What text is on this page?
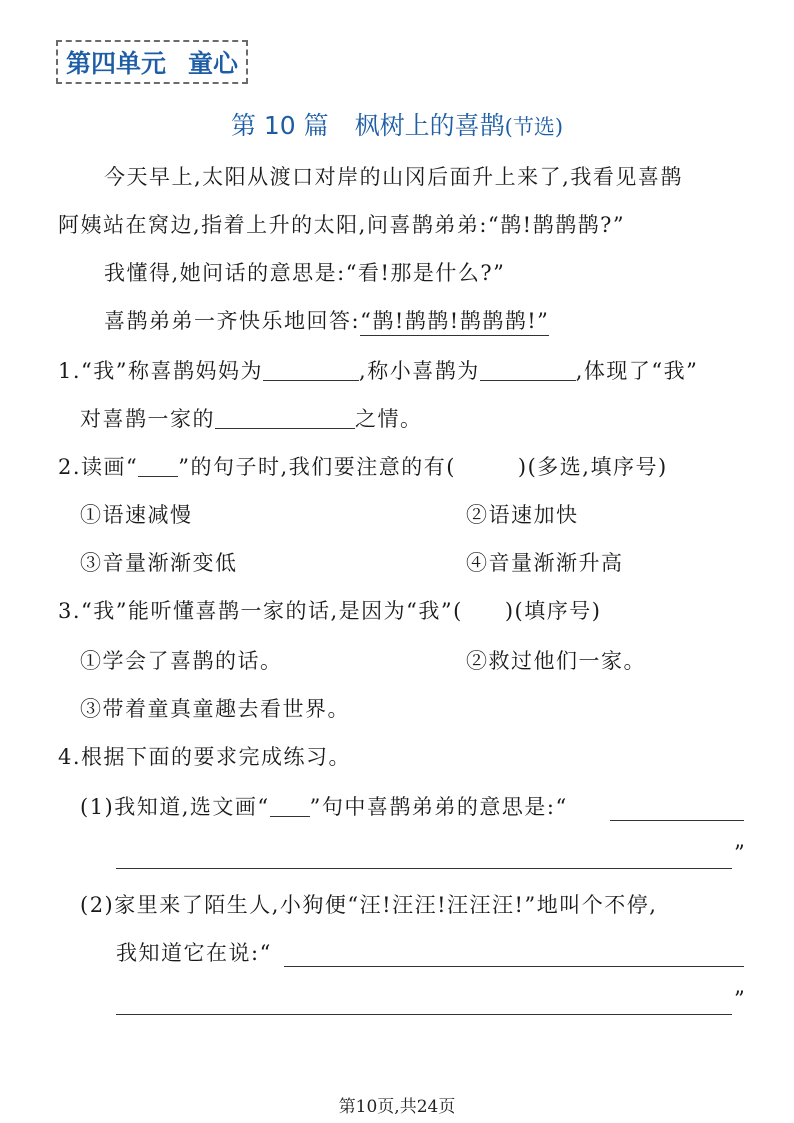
第四单元 童心
第 10 篇 枫树上的喜鹊(节选)
今天早上,太阳从渡口对岸的山冈后面升上来了,我看见喜鹊
阿姨站在窝边,指着上升的太阳,问喜鹊弟弟:“鹊!鹊鹊鹊?”
我懂得,她问话的意思是:“看!那是什么?”
喜鹊弟弟一齐快乐地回答:“鹊!鹊鹊!鹊鹊鹊!”
1.“我”称喜鹊妈妈为	,称小喜鹊为	,体现了“我”
对喜鹊一家的	之情。
2.读画“ ”的句子时,我们要注意的有(	)(多选,填序号)
①语速减慢	②语速加快
③音量渐渐变低	④音量渐渐升高
3.“我”能听懂喜鹊一家的话,是因为“我”( )(填序号)
①学会了喜鹊的话。	②救过他们一家。
③带着童真童趣去看世界。
4.根据下面的要求完成练习。
(1)我知道,选文画“ ”句中喜鹊弟弟的意思是:“
”
(2)家里来了陌生人,小狗便“汪!汪汪!汪汪汪!”地叫个不停,
我知道它在说:“
”
第10页,共24页
